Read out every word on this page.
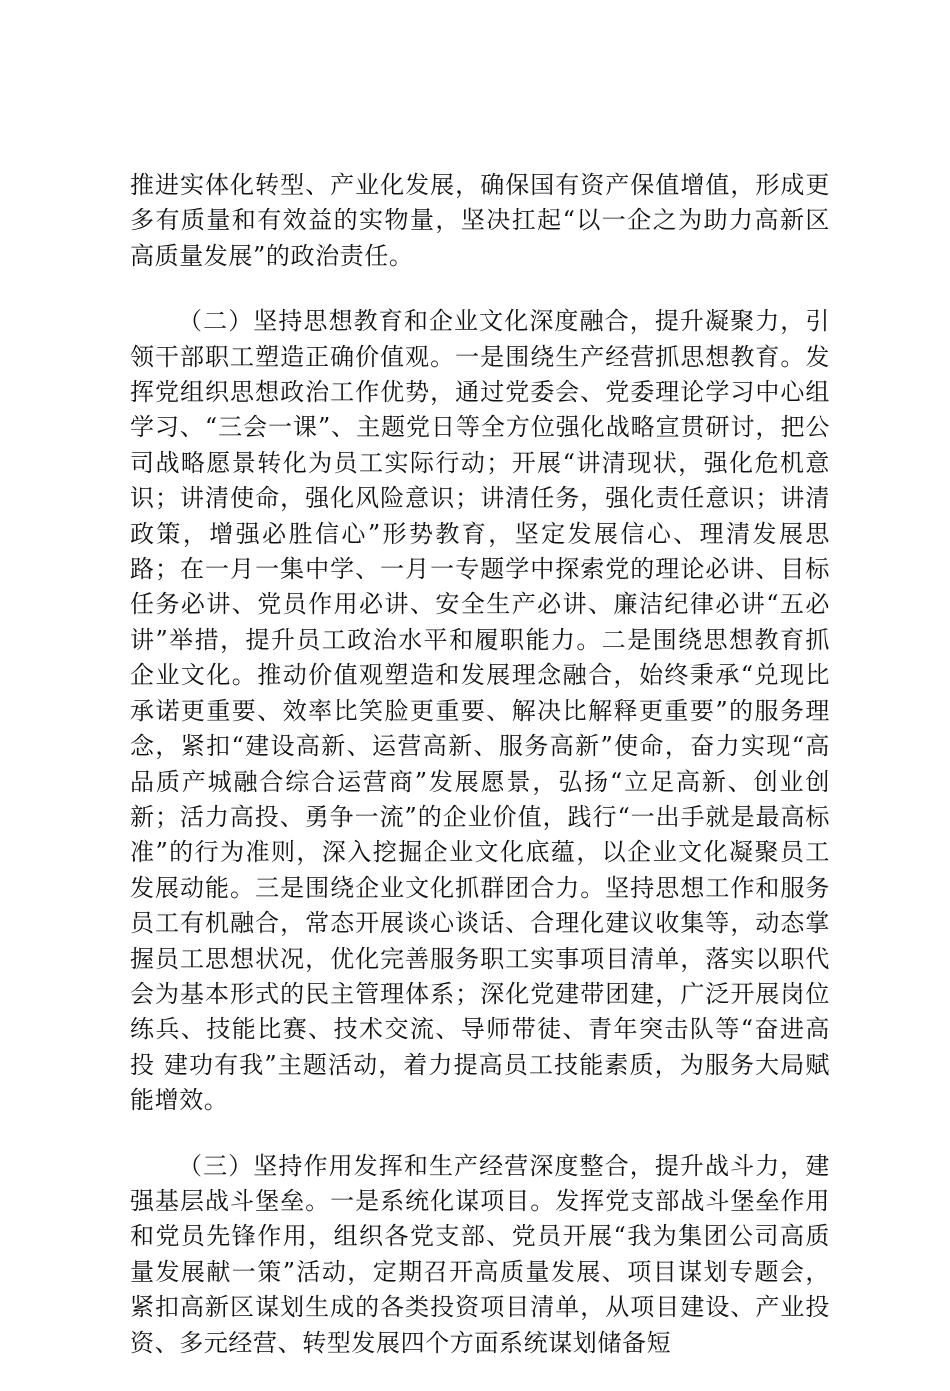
推进实体化转型、产业化发展，确保国有资产保值增值，形成更多有质量和有效益的实物量，坚决扛起“以一企之为助力高新区高质量发展”的政治责任。

（二）坚持思想教育和企业文化深度融合，提升凝聚力，引领干部职工塑造正确价值观。一是围绕生产经营抓思想教育。发挥党组织思想政治工作优势，通过党委会、党委理论学习中心组学习、“三会一课”、主题党日等全方位强化战略宣贯研讨，把公司战略愿景转化为员工实际行动；开展“讲清现状，强化危机意识；讲清使命，强化风险意识；讲清任务，强化责任意识；讲清政策，增强必胜信心”形势教育，坚定发展信心、理清发展思路；在一月一集中学、一月一专题学中探索党的理论必讲、目标任务必讲、党员作用必讲、安全生产必讲、廉洁纪律必讲“五必讲”举措，提升员工政治水平和履职能力。二是围绕思想教育抓企业文化。推动价值观塑造和发展理念融合，始终秉承“兑现比承诺更重要、效率比笑脸更重要、解决比解释更重要”的服务理念，紧扣“建设高新、运营高新、服务高新”使命，奋力实现“高品质产城融合综合运营商”发展愿景，弘扬“立足高新、创业创新；活力高投、勇争一流”的企业价值，践行“一出手就是最高标准”的行为准则，深入挖掘企业文化底蕴，以企业文化凝聚员工发展动能。三是围绕企业文化抓群团合力。坚持思想工作和服务员工有机融合，常态开展谈心谈话、合理化建议收集等，动态掌握员工思想状况，优化完善服务职工实事项目清单，落实以职代会为基本形式的民主管理体系；深化党建带团建，广泛开展岗位练兵、技能比赛、技术交流、导师带徒、青年突击队等“奋进高投 建功有我”主题活动，着力提高员工技能素质，为服务大局赋能增效。

（三）坚持作用发挥和生产经营深度整合，提升战斗力，建强基层战斗堡垒。一是系统化谋项目。发挥党支部战斗堡垒作用和党员先锋作用，组织各党支部、党员开展“我为集团公司高质量发展献一策”活动，定期召开高质量发展、项目谋划专题会，紧扣高新区谋划生成的各类投资项目清单，从项目建设、产业投资、多元经营、转型发展四个方面系统谋划储备短
